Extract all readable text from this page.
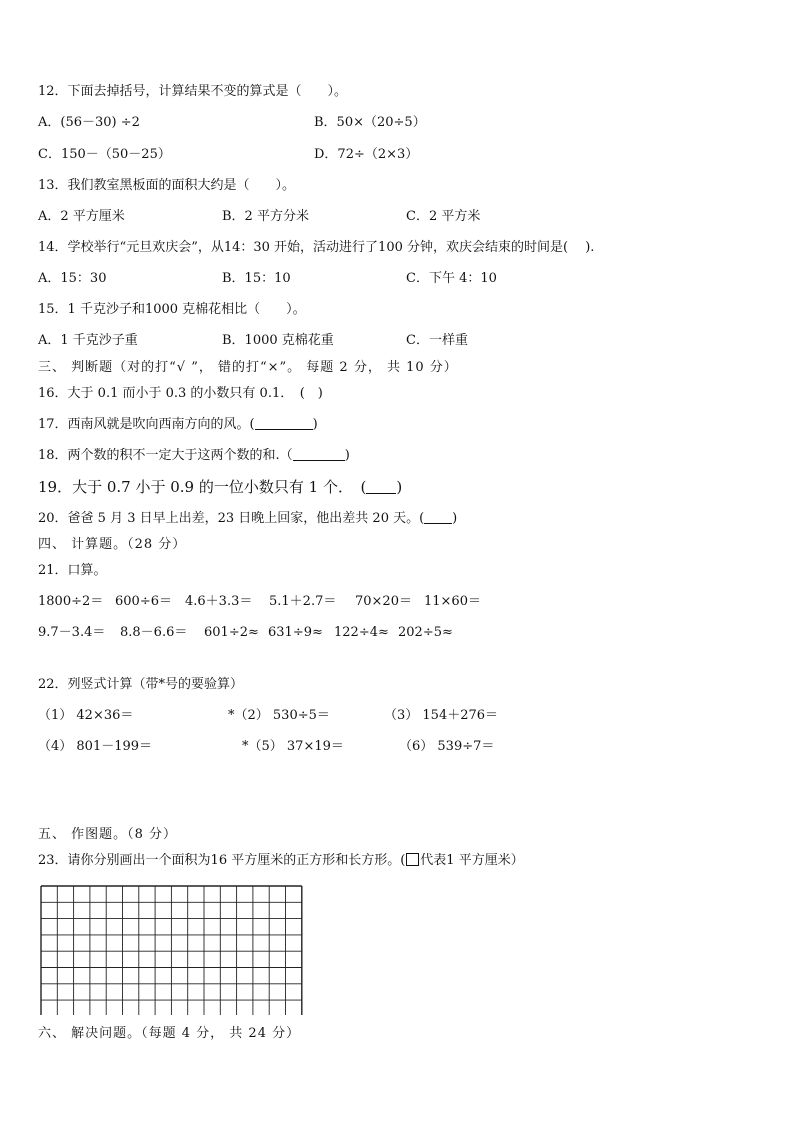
12．下面去掉括号，计算结果不变的算式是（　　）。
A．(56－30) ÷2	B．50×（20÷5）
C．150－（50－25）	D．72÷（2×3）
13．我们教室黑板面的面积大约是（　　）。
A．2 平方厘米	B．2 平方分米	C．2 平方米
14．学校举行“元旦欢庆会”，从14：30 开始，活动进行了100 分钟，欢庆会结束的时间是(　 ).
A．15：30	B．15：10	C．下午 4：10
15．1 千克沙子和1000 克棉花相比（　　）。
A．1 千克沙子重	B．1000 克棉花重	C．一样重
三、 判断题（对的打“√ ”， 错的打“×”。 每题 2 分， 共 10 分）
16．大于 0.1 而小于 0.3 的小数只有 0.1．　(　)
17．西南风就是吹向西南方向的风。(	)
18．两个数的积不一定大于这两个数的和.（	)
19．大于 0.7 小于 0.9 的一位小数只有 1 个．　( )
20．爸爸 5 月 3 日早上出差，23 日晚上回家，他出差共 20 天。( )
四、 计算题。（28 分）
21．口算。
1800÷2＝ 600÷6＝ 4.6＋3.3＝ 5.1＋2.7＝ 70×20＝ 11×60＝
9.7－3.4＝ 8.8－6.6＝ 601÷2≈ 631÷9≈ 122÷4≈ 202÷5≈
22．列竖式计算（带*号的要验算）
（1） 42×36＝	*（2） 530÷5＝	（3） 154＋276＝
（4） 801－199＝	*（5） 37×19＝	（6） 539÷7＝
五、 作图题。（8 分）
23．请你分别画出一个面积为16 平方厘米的正方形和长方形。( 代表1 平方厘米）
六、 解决问题。（每题 4 分， 共 24 分）
